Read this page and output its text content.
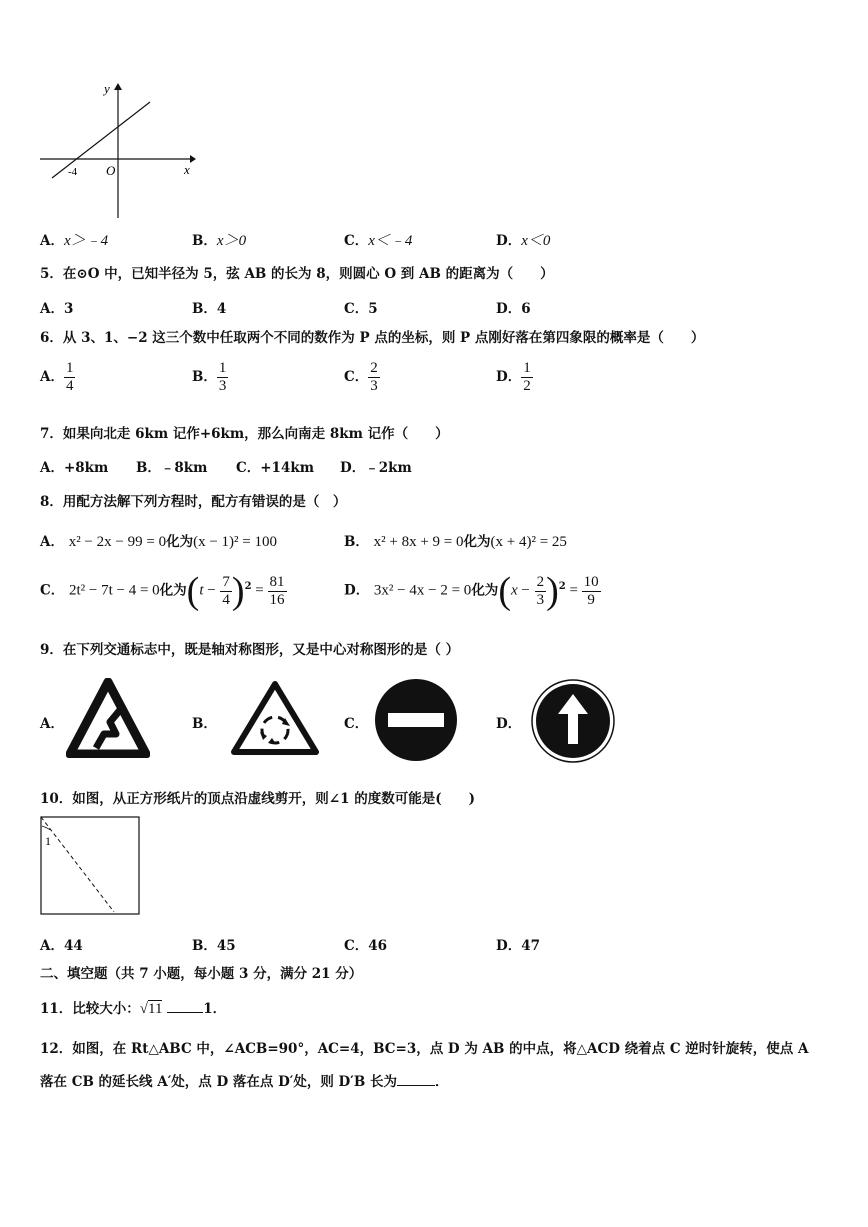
y
x
O
-4
A．x＞﹣4	B．x＞0	C．x＜﹣4	D．x＜0
5．在⊙O 中，已知半径为 5，弦 AB 的长为 8，则圆心 O 到 AB 的距离为（　　）
A．3	B．4	C．5	D．6
6．从 3、1、−2 这三个数中任取两个不同的数作为 P 点的坐标，则 P 点刚好落在第四象限的概率是（　　）
A． $\frac{1}{4}$	B． $\frac{1}{3}$	C． $\frac{2}{3}$	D． $\frac{1}{2}$
7．如果向北走 6km 记作+6km，那么向南走 8km 记作（　　）
A．+8km B．﹣8km C．+14km D．﹣2km
8．用配方法解下列方程时，配方有错误的是（　）
A． x² − 2x − 99 = 0化为(x − 1)² = 100	B． x² + 8x + 9 = 0化为(x + 4)² = 25
C． 2t² − 7t − 4 = 0化为$(t - \frac{7}{4} )^2 = \frac{81}{16}$	D． 3x² − 4x − 2 = 0化为$(x - \frac{2}{3} )^2 = \frac{10}{9}$
9．在下列交通标志中，既是轴对称图形，又是中心对称图形的是（ ）
A．	B．	C．	D．
10．如图，从正方形纸片的顶点沿虚线剪开，则∠1 的度数可能是(　　)
1
A．44	B．45	C．46	D．47
二、填空题（共 7 小题，每小题 3 分，满分 21 分）
11．比较大小：√11	1．
12．如图，在 Rt△ABC 中，∠ACB=90°，AC=4，BC=3，点 D 为 AB 的中点，将△ACD 绕着点 C 逆时针旋转，使点 A
落在 CB 的延长线 A′处，点 D 落在点 D′处，则 D′B 长为	．
